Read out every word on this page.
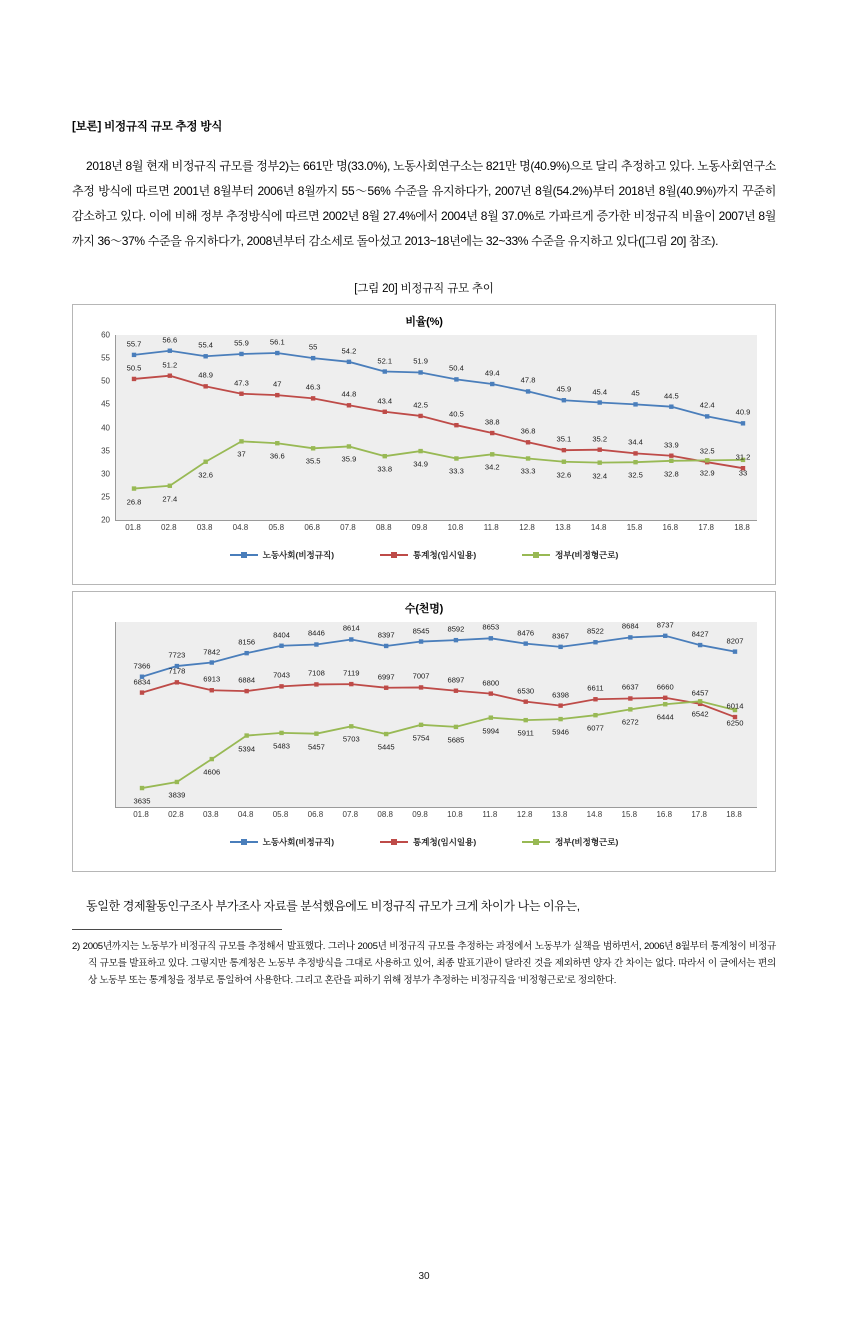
[보론] 비정규직 규모 추정 방식
2018년 8월 현재 비정규직 규모를 정부2)는 661만 명(33.0%), 노동사회연구소는 821만 명(40.9%)으로 달리 추정하고 있다. 노동사회연구소 추정 방식에 따르면 2001년 8월부터 2006년 8월까지 55～56% 수준을 유지하다가, 2007년 8월(54.2%)부터 2018년 8월(40.9%)까지 꾸준히 감소하고 있다. 이에 비해 정부 추정방식에 따르면 2002년 8월 27.4%에서 2004년 8월 37.0%로 가파르게 증가한 비정규직 비율이 2007년 8월까지 36～37% 수준을 유지하다가, 2008년부터 감소세로 돌아섰고 2013~18년에는 32~33% 수준을 유지하고 있다([그림 20] 참조).
[그림 20] 비정규직 규모 추이
비율(%)
20
25
30
35
40
45
50
55
60
55.7	56.6
55.4	55.9	56.1
55	54.2
52.1	51.9
50.4
49.4
47.8
45.9	45.4	45	44.5
42.4
40.9
50.5	51.2
48.9
47.3	47	46.3
44.8
43.4	42.5
40.5
38.8
36.8
35.1	35.2	34.4	33.9
32.5
31.2
26.8	27.4
32.6
37	36.6
35.5	35.9
33.8
34.9
33.3	34.2	33.3	32.6	32.4	32.5	32.8	32.9	33
01.8	02.8	03.8	04.8	05.8	06.8	07.8	08.8	09.8	10.8	11.8	12.8	13.8	14.8	15.8	16.8	17.8	18.8
노동사회(비정규직)	통계청(임시일용)	정부(비정형근로)
수(천명)
7366
7723 7842
8156
8404 8446
8614
8397 8545 8592 8653
8476 8367
8522
8684 8737
8427
8207
6834
7178
6913 6884
7043 7108 7119 6997 7007 6897 6800
6530 6398
6611 6637 6660
6457
6014
3635
3839
4606
5394 5483 5457
5703
5445
5754 5685
5994 5911 5946 6077
6272
6444 6542
6250
01.8 02.8 03.8 04.8 05.8 06.8 07.8 08.8 09.8 10.8 11.8 12.8 13.8 14.8 15.8 16.8 17.8 18.8
노동사회(비정규직)	통계청(임시일용)	정부(비정형근로)
동일한 경제활동인구조사 부가조사 자료를 분석했음에도 비정규직 규모가 크게 차이가 나는 이유는,
2) 2005년까지는 노동부가 비정규직 규모를 추정해서 발표했다. 그러나 2005년 비정규직 규모를 추정하는 과정에서 노동부가 실책을 범하면서, 2006년 8월부터 통계청이 비정규직 규모를 발표하고 있다. 그렇지만 통계청은 노동부 추정방식을 그대로 사용하고 있어, 최종 발표기관이 달라진 것을 제외하면 양자 간 차이는 없다. 따라서 이 글에서는 편의상 노동부 또는 통계청을 정부로 통일하여 사용한다. 그리고 혼란을 피하기 위해 정부가 추정하는 비정규직을 ‘비정형근로’로 정의한다.
30
